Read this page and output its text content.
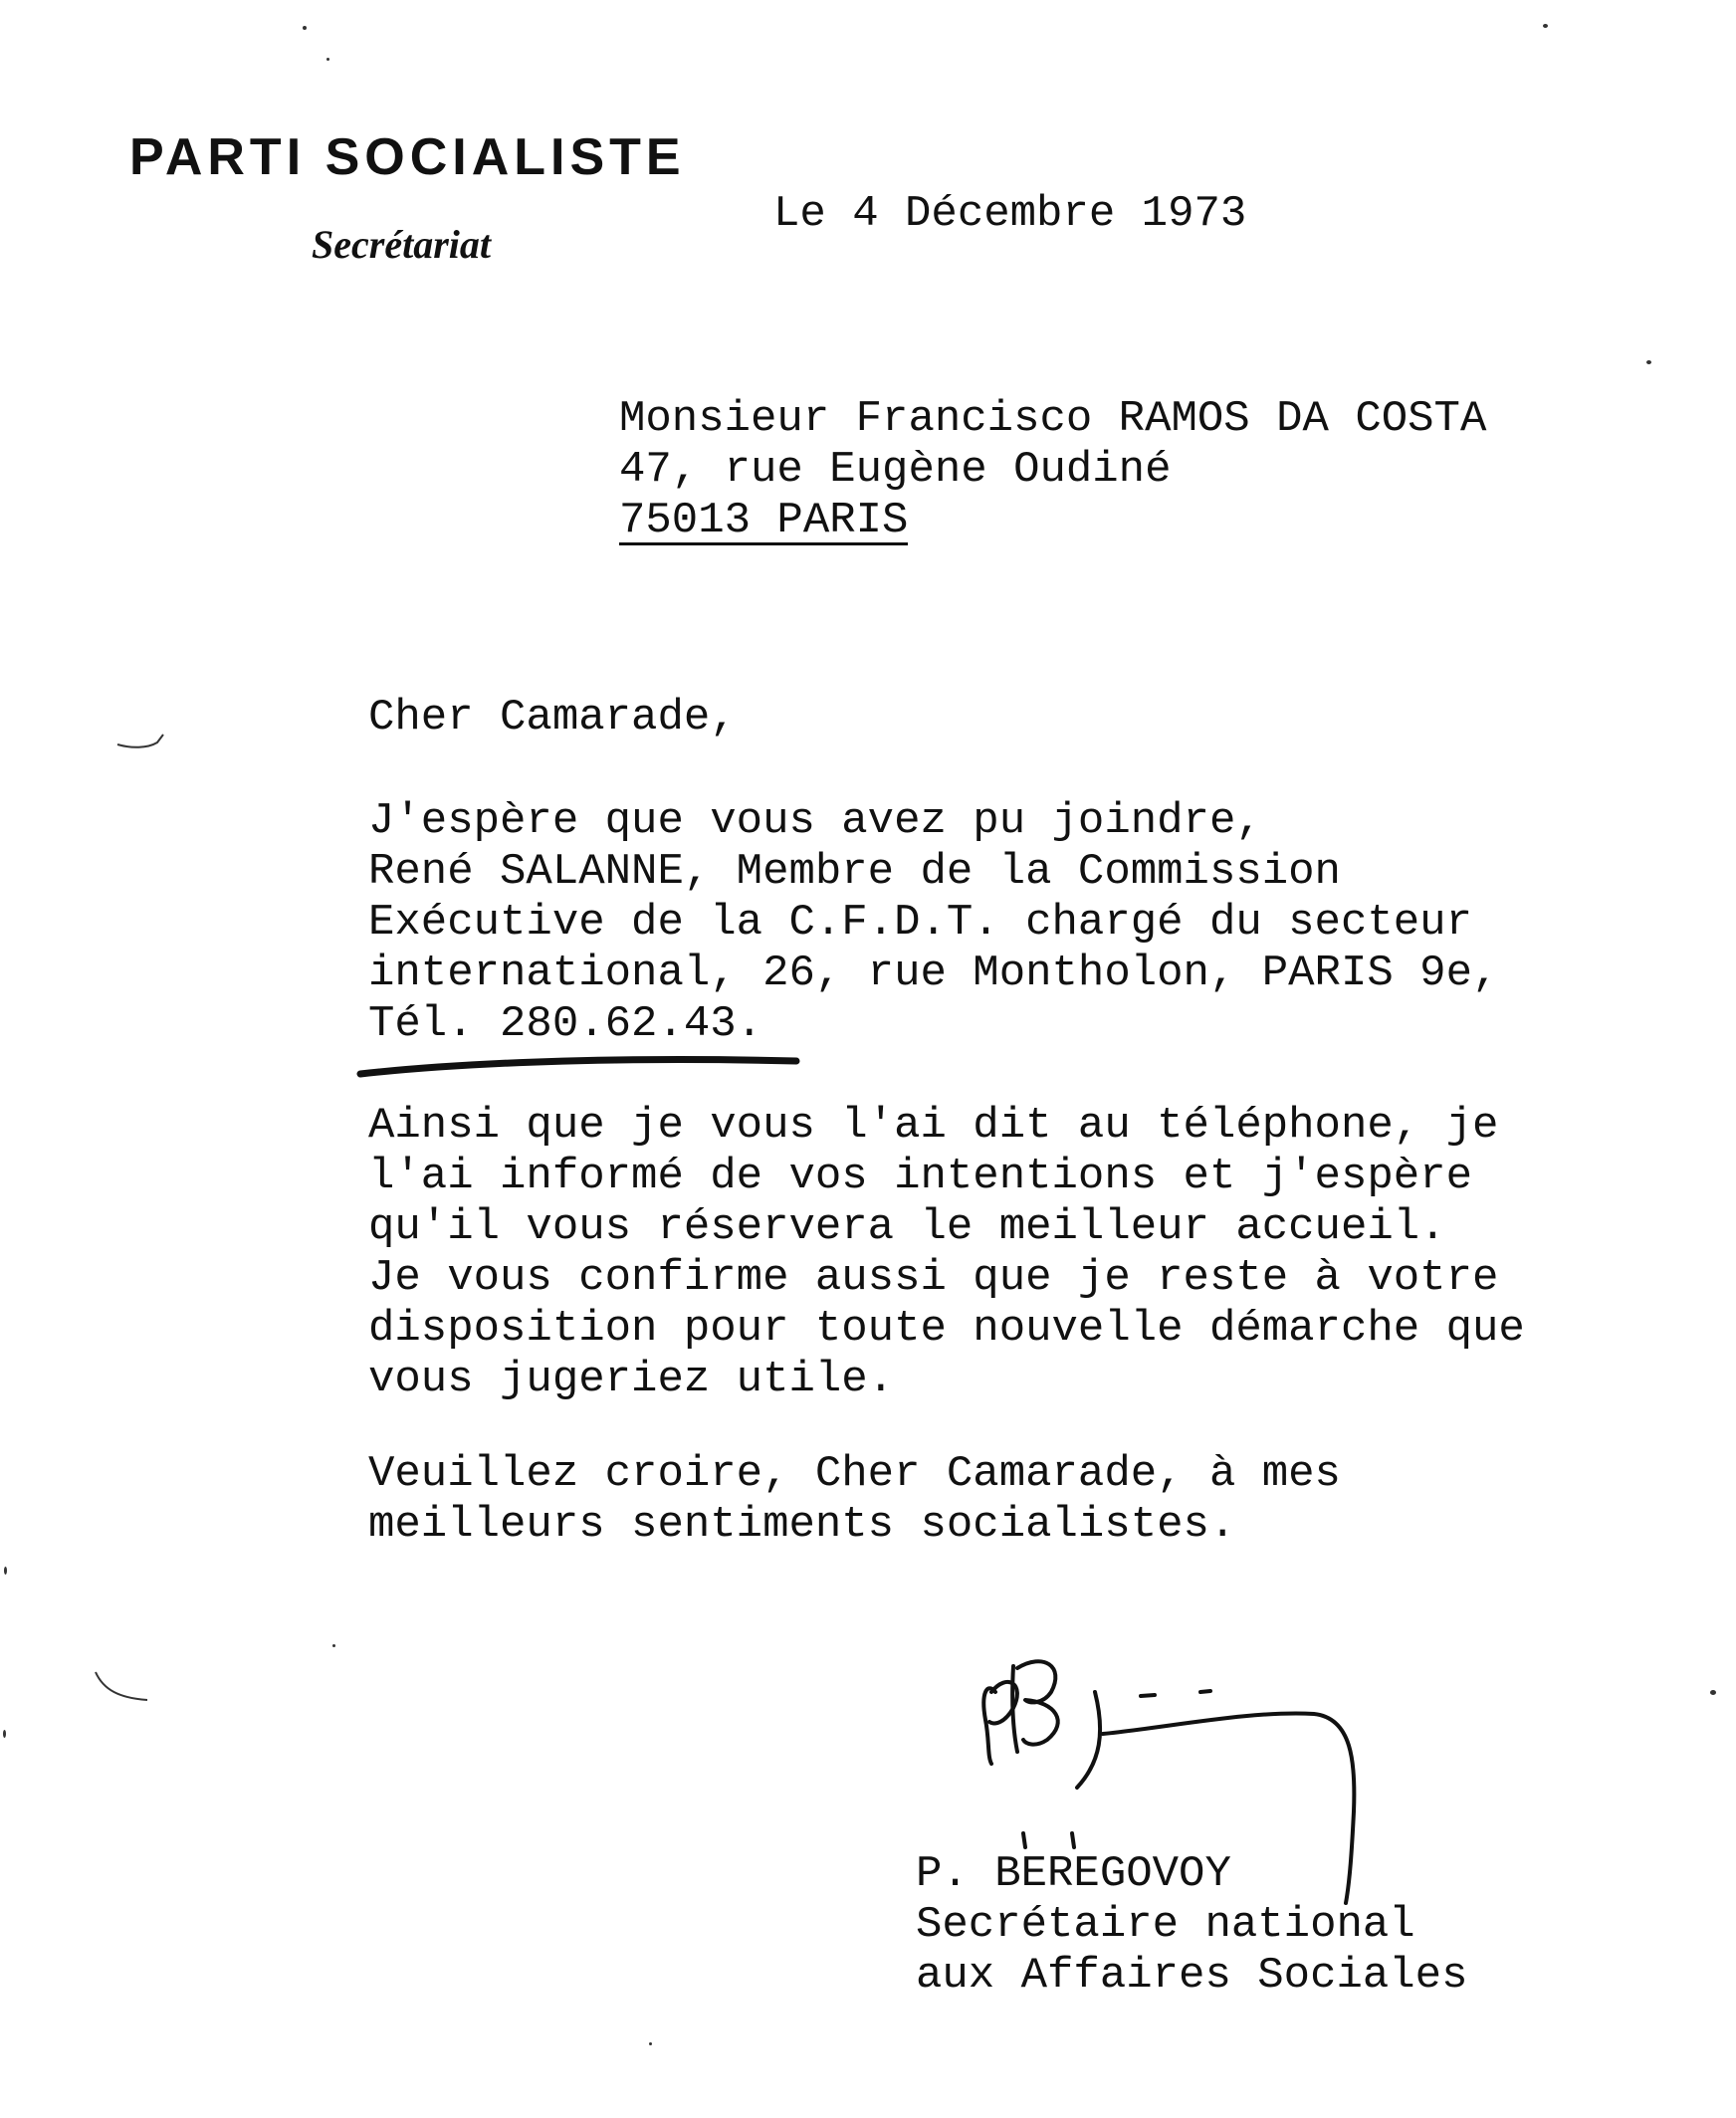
PARTI SOCIALISTE
Secrétariat
Le 4 Décembre 1973
Monsieur Francisco RAMOS DA COSTA
47, rue Eugène Oudiné
75013 PARIS
Cher Camarade,
J'espère que vous avez pu joindre,
René SALANNE, Membre de la Commission
Exécutive de la C.F.D.T. chargé du secteur
international, 26, rue Montholon, PARIS 9e,
Tél. 280.62.43.
Ainsi que je vous l'ai dit au téléphone, je
l'ai informé de vos intentions et j'espère
qu'il vous réservera le meilleur accueil.
Je vous confirme aussi que je reste à votre
disposition pour toute nouvelle démarche que
vous jugeriez utile.
Veuillez croire, Cher Camarade, à mes
meilleurs sentiments socialistes.
P. BEREGOVOY
Secrétaire national
aux Affaires Sociales
